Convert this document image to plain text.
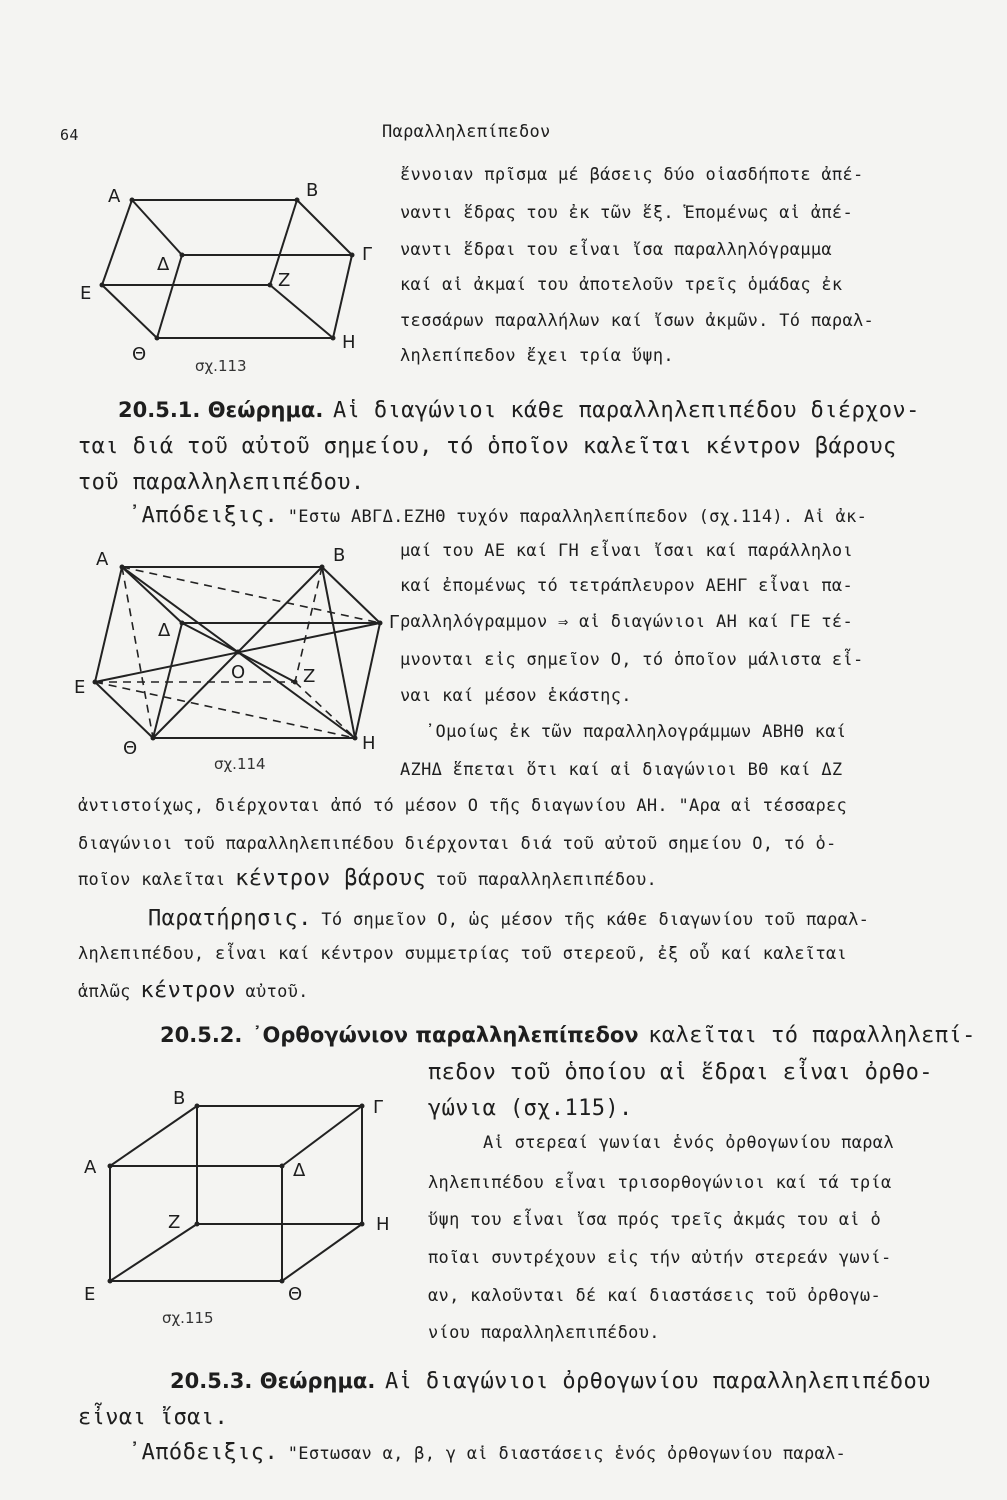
64	Παραλληλεπίπεδον
A	B
Γ
Δ
E
Z
Θ
H
σχ.113
ἔννοιαν πρῖσμα μέ βάσεις δύο οἱασδήποτε ἀπέ-
ναντι ἕδρας του ἐκ τῶν ἕξ. Ἑπομένως αἱ ἀπέ-
ναντι ἕδραι του εἶναι ἴσα παραλληλόγραμμα
καί αἱ ἀκμαί του ἀποτελοῦν τρεῖς ὁμάδας ἐκ
τεσσάρων παραλλήλων καί ἴσων ἀκμῶν. Τό παραλ-
ληλεπίπεδον ἔχει τρία ὕψη.
20.5.1. Θεώρημα. Αἱ διαγώνιοι κάθε παραλληλεπιπέδου διέρχον-
ται διά τοῦ αὐτοῦ σημείου, τό ὁποῖον καλεῖται κέντρον βάρους
τοῦ παραλληλεπιπέδου.
᾿Απόδειξις. "Εστω ΑΒΓΔ.ΕΖΗΘ τυχόν παραλληλεπίπεδον (σχ.114). Αἱ ἀκ-
A	B
Γ
Δ
E
Z
Θ	H
O
σχ.114
μαί του ΑΕ καί ΓΗ εἶναι ἴσαι καί παράλληλοι
καί ἐπομένως τό τετράπλευρον ΑΕΗΓ εἶναι πα-
ραλληλόγραμμον ⇒ αἱ διαγώνιοι ΑΗ καί ΓΕ τέ-
μνονται εἰς σημεῖον Ο, τό ὁποῖον μάλιστα εἶ-
ναι καί μέσον ἑκάστης.
᾿Ομοίως ἐκ τῶν παραλληλογράμμων ΑΒΗΘ καί
ΑΖΗΔ ἕπεται ὅτι καί αἱ διαγώνιοι ΒΘ καί ΔΖ
ἀντιστοίχως, διέρχονται ἀπό τό μέσον Ο τῆς διαγωνίου ΑΗ. "Αρα αἱ τέσσαρες
διαγώνιοι τοῦ παραλληλεπιπέδου διέρχονται διά τοῦ αὐτοῦ σημείου Ο, τό ὁ-
ποῖον καλεῖται κέντρον βάρους τοῦ παραλληλεπιπέδου.
Παρατήρησις. Τό σημεῖον Ο, ὡς μέσον τῆς κάθε διαγωνίου τοῦ παραλ-
ληλεπιπέδου, εἶναι καί κέντρον συμμετρίας τοῦ στερεοῦ, ἐξ οὗ καί καλεῖται
ἁπλῶς κέντρον αὐτοῦ.
20.5.2. ᾿Ορθογώνιον παραλληλεπίπεδον καλεῖται τό παραλληλεπί-
πεδον τοῦ ὁποίου αἱ ἕδραι εἶναι ὀρθο-
γώνια (σχ.115).
B	Γ
A	Δ
Z	H
E	Θ
σχ.115
Αἱ στερεαί γωνίαι ἑνός ὀρθογωνίου παραλ
ληλεπιπέδου εἶναι τρισορθογώνιοι καί τά τρία
ὕψη του εἶναι ἴσα πρός τρεῖς ἀκμάς του αἱ ὁ
ποῖαι συντρέχουν εἰς τήν αὐτήν στερεάν γωνί-
αν, καλοῦνται δέ καί διαστάσεις τοῦ ὀρθογω-
νίου παραλληλεπιπέδου.
20.5.3. Θεώρημα. Αἱ διαγώνιοι ὀρθογωνίου παραλληλεπιπέδου
εἶναι ἴσαι.
᾿Απόδειξις. "Εστωσαν α, β, γ αἱ διαστάσεις ἑνός ὀρθογωνίου παραλ-
